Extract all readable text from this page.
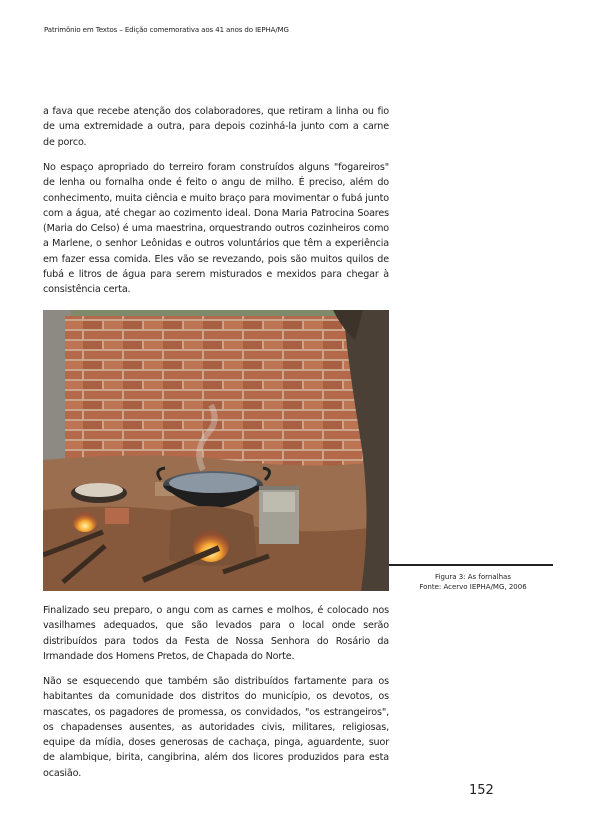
Patrimônio em Textos – Edição comemorativa aos 41 anos do IEPHA/MG

a fava que recebe atenção dos colaboradores, que retiram a linha ou fio de uma extremidade a outra, para depois cozinhá-la junto com a carne de porco.

No espaço apropriado do terreiro foram construídos alguns "fogareiros" de lenha ou fornalha onde é feito o angu de milho. É preciso, além do conhecimento, muita ciência e muito braço para movimentar o fubá junto com a água, até chegar ao cozimento ideal. Dona Maria Patrocina Soares (Maria do Celso) é uma maestrina, orquestrando outros cozinheiros como a Marlene, o senhor Leônidas e outros voluntários que têm a experiência em fazer essa comida. Eles vão se revezando, pois são muitos quilos de fubá e litros de água para serem misturados e mexidos para chegar à consistência certa.

Figura 3: As fornalhas
Fonte: Acervo IEPHA/MG, 2006

Finalizado seu preparo, o angu com as carnes e molhos, é colocado nos vasilhames adequados, que são levados para o local onde serão distribuídos para todos da Festa de Nossa Senhora do Rosário da Irmandade dos Homens Pretos, de Chapada do Norte.

Não se esquecendo que também são distribuídos fartamente para os habitantes da comunidade dos distritos do município, os devotos, os mascates, os pagadores de promessa, os convidados, "os estrangeiros", os chapadenses ausentes, as autoridades civis, militares, religiosas, equipe da mídia, doses generosas de cachaça, pinga, aguardente, suor de alambique, birita, cangibrina, além dos licores produzidos para esta ocasião.

152
